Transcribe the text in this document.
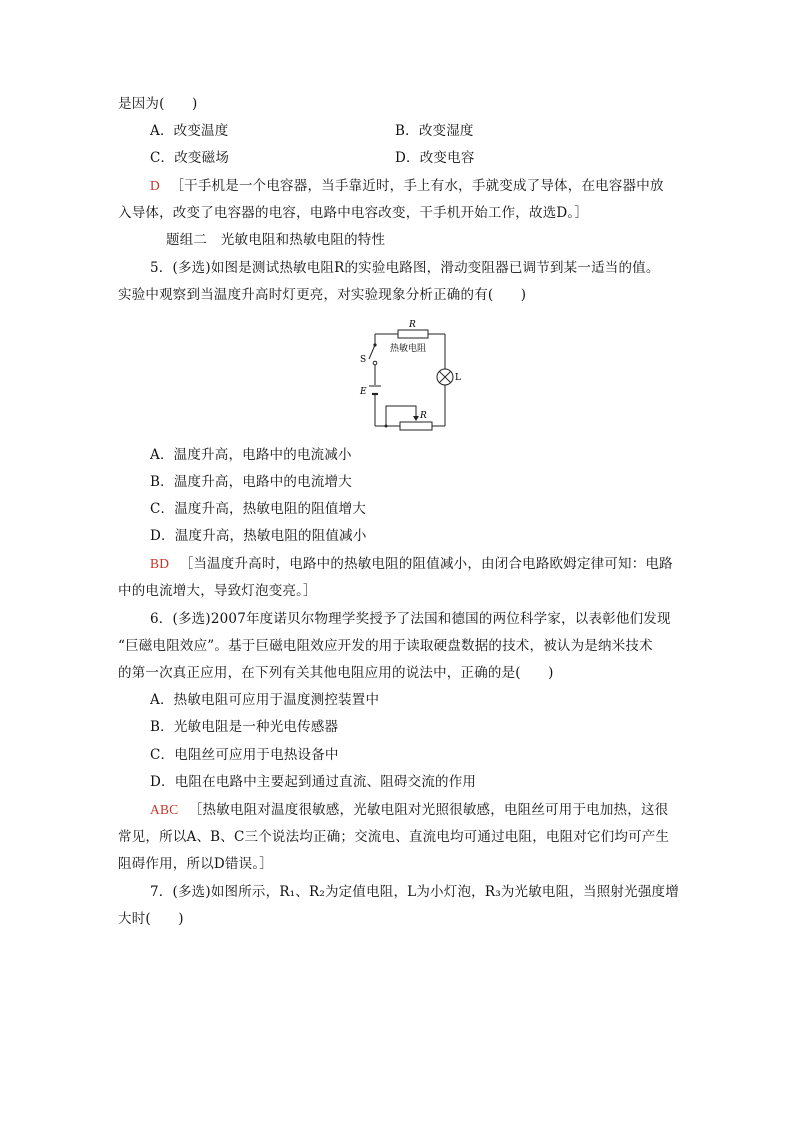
是因为(　　)
A．改变温度	B．改变湿度
C．改变磁场	D．改变电容
D ［干手机是一个电容器，当手靠近时，手上有水，手就变成了导体，在电容器中放
入导体，改变了电容器的电容，电路中电容改变，干手机开始工作，故选D。］
题组二　光敏电阻和热敏电阻的特性
5．(多选)如图是测试热敏电阻R的实验电路图，滑动变阻器已调节到某一适当的值。
实验中观察到当温度升高时灯更亮，对实验现象分析正确的有(　　)
R
热敏电阻
S
E
L
R
A．温度升高，电路中的电流减小
B．温度升高，电路中的电流增大
C．温度升高，热敏电阻的阻值增大
D．温度升高，热敏电阻的阻值减小
BD ［当温度升高时，电路中的热敏电阻的阻值减小，由闭合电路欧姆定律可知：电路
中的电流增大，导致灯泡变亮。］
6．(多选)2007年度诺贝尔物理学奖授予了法国和德国的两位科学家，以表彰他们发现
“巨磁电阻效应”。基于巨磁电阻效应开发的用于读取硬盘数据的技术，被认为是纳米技术
的第一次真正应用，在下列有关其他电阻应用的说法中，正确的是(　　)
A．热敏电阻可应用于温度测控装置中
B．光敏电阻是一种光电传感器
C．电阻丝可应用于电热设备中
D．电阻在电路中主要起到通过直流、阻碍交流的作用
ABC ［热敏电阻对温度很敏感，光敏电阻对光照很敏感，电阻丝可用于电加热，这很
常见，所以A、B、C三个说法均正确；交流电、直流电均可通过电阻，电阻对它们均可产生
阻碍作用，所以D错误。］
7．(多选)如图所示，R₁、R₂为定值电阻，L为小灯泡，R₃为光敏电阻，当照射光强度增
大时(　　)
